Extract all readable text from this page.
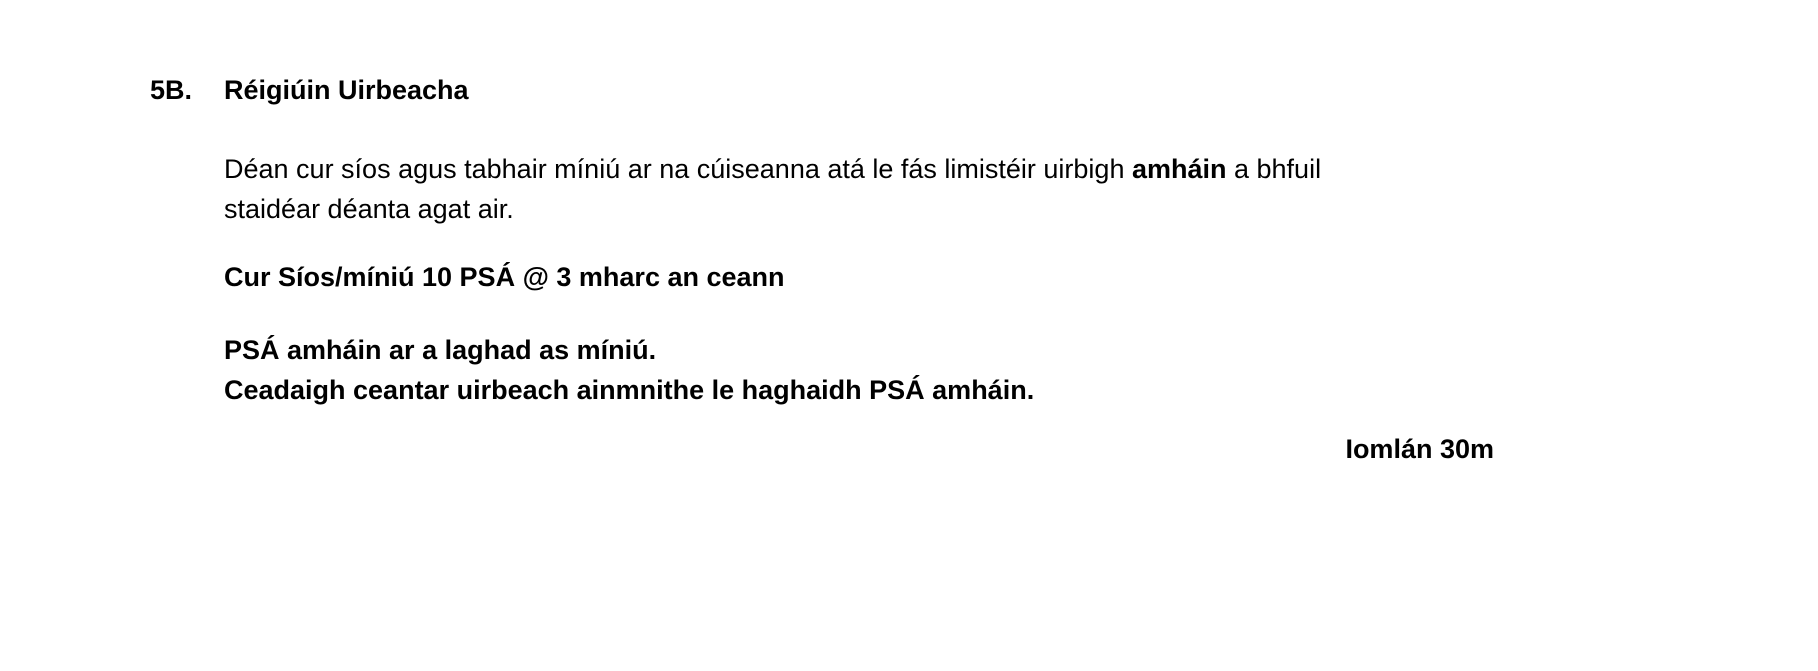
5B.	Réigiúin Uirbeacha

Déan cur síos agus tabhair míniú ar na cúiseanna atá le fás limistéir uirbigh amháin a bhfuil staidéar déanta agat air.

Cur Síos/míniú 10 PSÁ @ 3 mharc an ceann
PSÁ amháin ar a laghad as míniú.
Ceadaigh ceantar uirbeach ainmnithe le haghaidh PSÁ amháin.
Iomlán 30m
